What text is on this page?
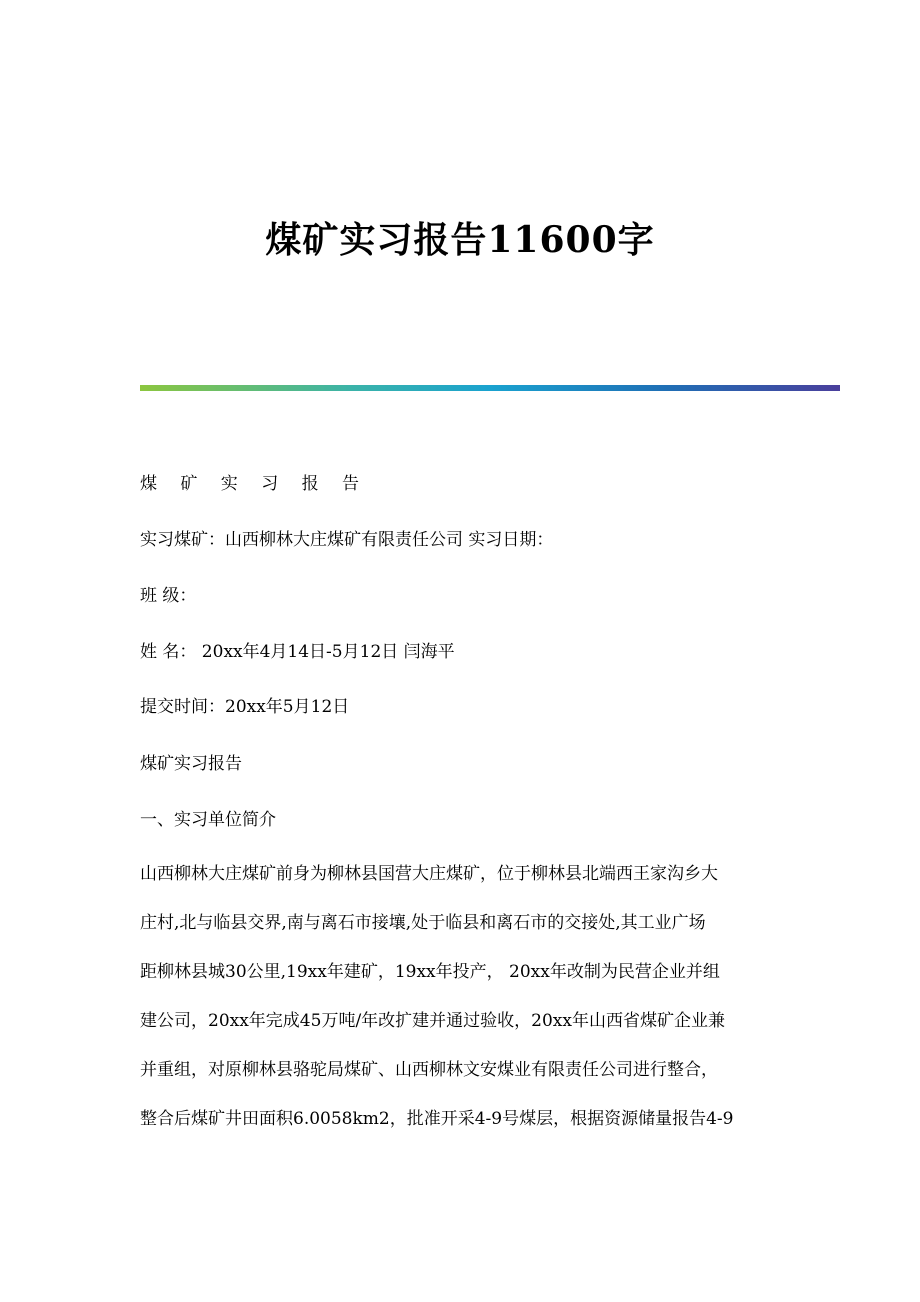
煤矿实习报告11600字
煤 矿 实 习 报 告
实习煤矿：山西柳林大庄煤矿有限责任公司 实习日期：
班 级：
姓 名： 20xx年4月14日-5月12日 闫海平
提交时间：20xx年5月12日
煤矿实习报告
一、实习单位简介
山西柳林大庄煤矿前身为柳林县国营大庄煤矿，位于柳林县北端西王家沟乡大
庄村,北与临县交界,南与离石市接壤,处于临县和离石市的交接处,其工业广场
距柳林县城30公里,19xx年建矿，19xx年投产， 20xx年改制为民营企业并组
建公司，20xx年完成45万吨/年改扩建并通过验收，20xx年山西省煤矿企业兼
并重组，对原柳林县骆驼局煤矿、山西柳林文安煤业有限责任公司进行整合，
整合后煤矿井田面积6.0058km2，批准开采4-9号煤层，根据资源储量报告4-9
